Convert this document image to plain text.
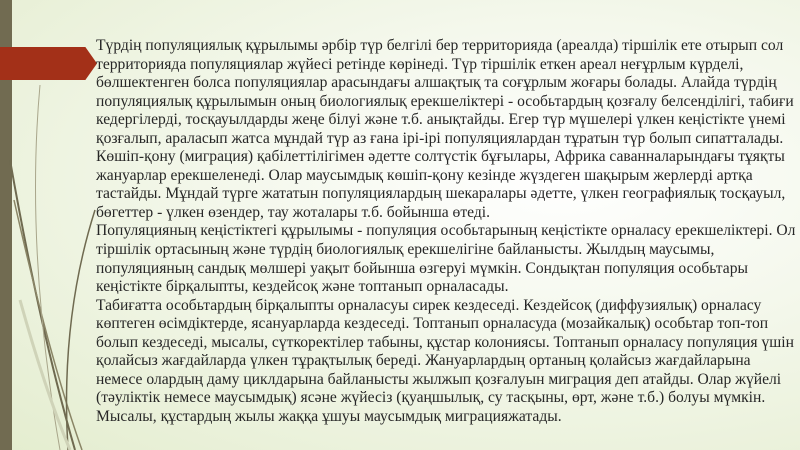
Түрдің популяциялық құрылымы әрбір түр белгілі бер территорияда (ареалда) тіршілік ете отырып сол территорияда популяциялар жүйесі ретінде көрінеді. Түр тіршілік еткен ареал неғұрлым күрделі, бөлшектенген болса популяциялар арасындағы алшақтық та соғұрлым жоғары болады. Алайда түрдің популяциялық құрылымын оның биологиялық ерекшеліктері - особьтардың қозғалу белсенділігі, табиғи кедергілерді, тосқауылдарды жеңе білуі және т.б. анықтайды. Егер түр мүшелері үлкен кеңістікте үнемі қозғалып, араласып жатса мұндай түр аз ғана ірі-ірі популяциялардан тұратын түр болып сипатталады. Көшіп-қону (миграция) қабілеттілігімен әдетте солтүстік бұғылары, Африка саванналарындағы тұяқты жануарлар ерекшеленеді. Олар маусымдық көшіп-қону кезінде жүздеген шақырым жерлерді артқа тастайды. Мұндай түрге жататын популяциялардың шекаралары әдетте, үлкен географиялық тосқауыл, бөгеттер - үлкен өзендер, тау жоталары т.б. бойынша өтеді.

Популяцияның кеңістіктегі құрылымы - популяция особьтарының кеңістікте орналасу ерекшеліктері. Ол тіршілік ортасының және түрдің биологиялық ерекшелігіне байланысты. Жылдың маусымы, популяцияның сандық мөлшері уақыт бойынша өзгеруі мүмкін. Сондықтан популяция особьтары кеңістікте бірқалыпты, кездейсоқ және топтанып орналасады.

Табиғатта особьтардың бірқалыпты орналасуы сирек кездеседі. Кездейсоқ (диффузиялық) орналасу көптеген өсімдіктерде, ясануарларда кездеседі. Топтанып орналасуда (мозайкалық) особьтар топ-топ болып кездеседі, мысалы, сүткоректілер табыны, құстар колониясы. Топтанып орналасу популяция үшін қолайсыз жағдайларда үлкен тұрақтылық береді. Жануарлардың ортаның қолайсыз жағдайларына немесе олардың даму циклдарына байланысты жылжып қозғалуын миграция деп атайды. Олар жүйелі (тәуліктік немесе маусымдық) ясәне жүйесіз (қуаңшылық, су тасқыны, өрт, және т.б.) болуы мүмкін. Мысалы, құстардың жылы жаққа ұшуы маусымдық миграцияжатады.
